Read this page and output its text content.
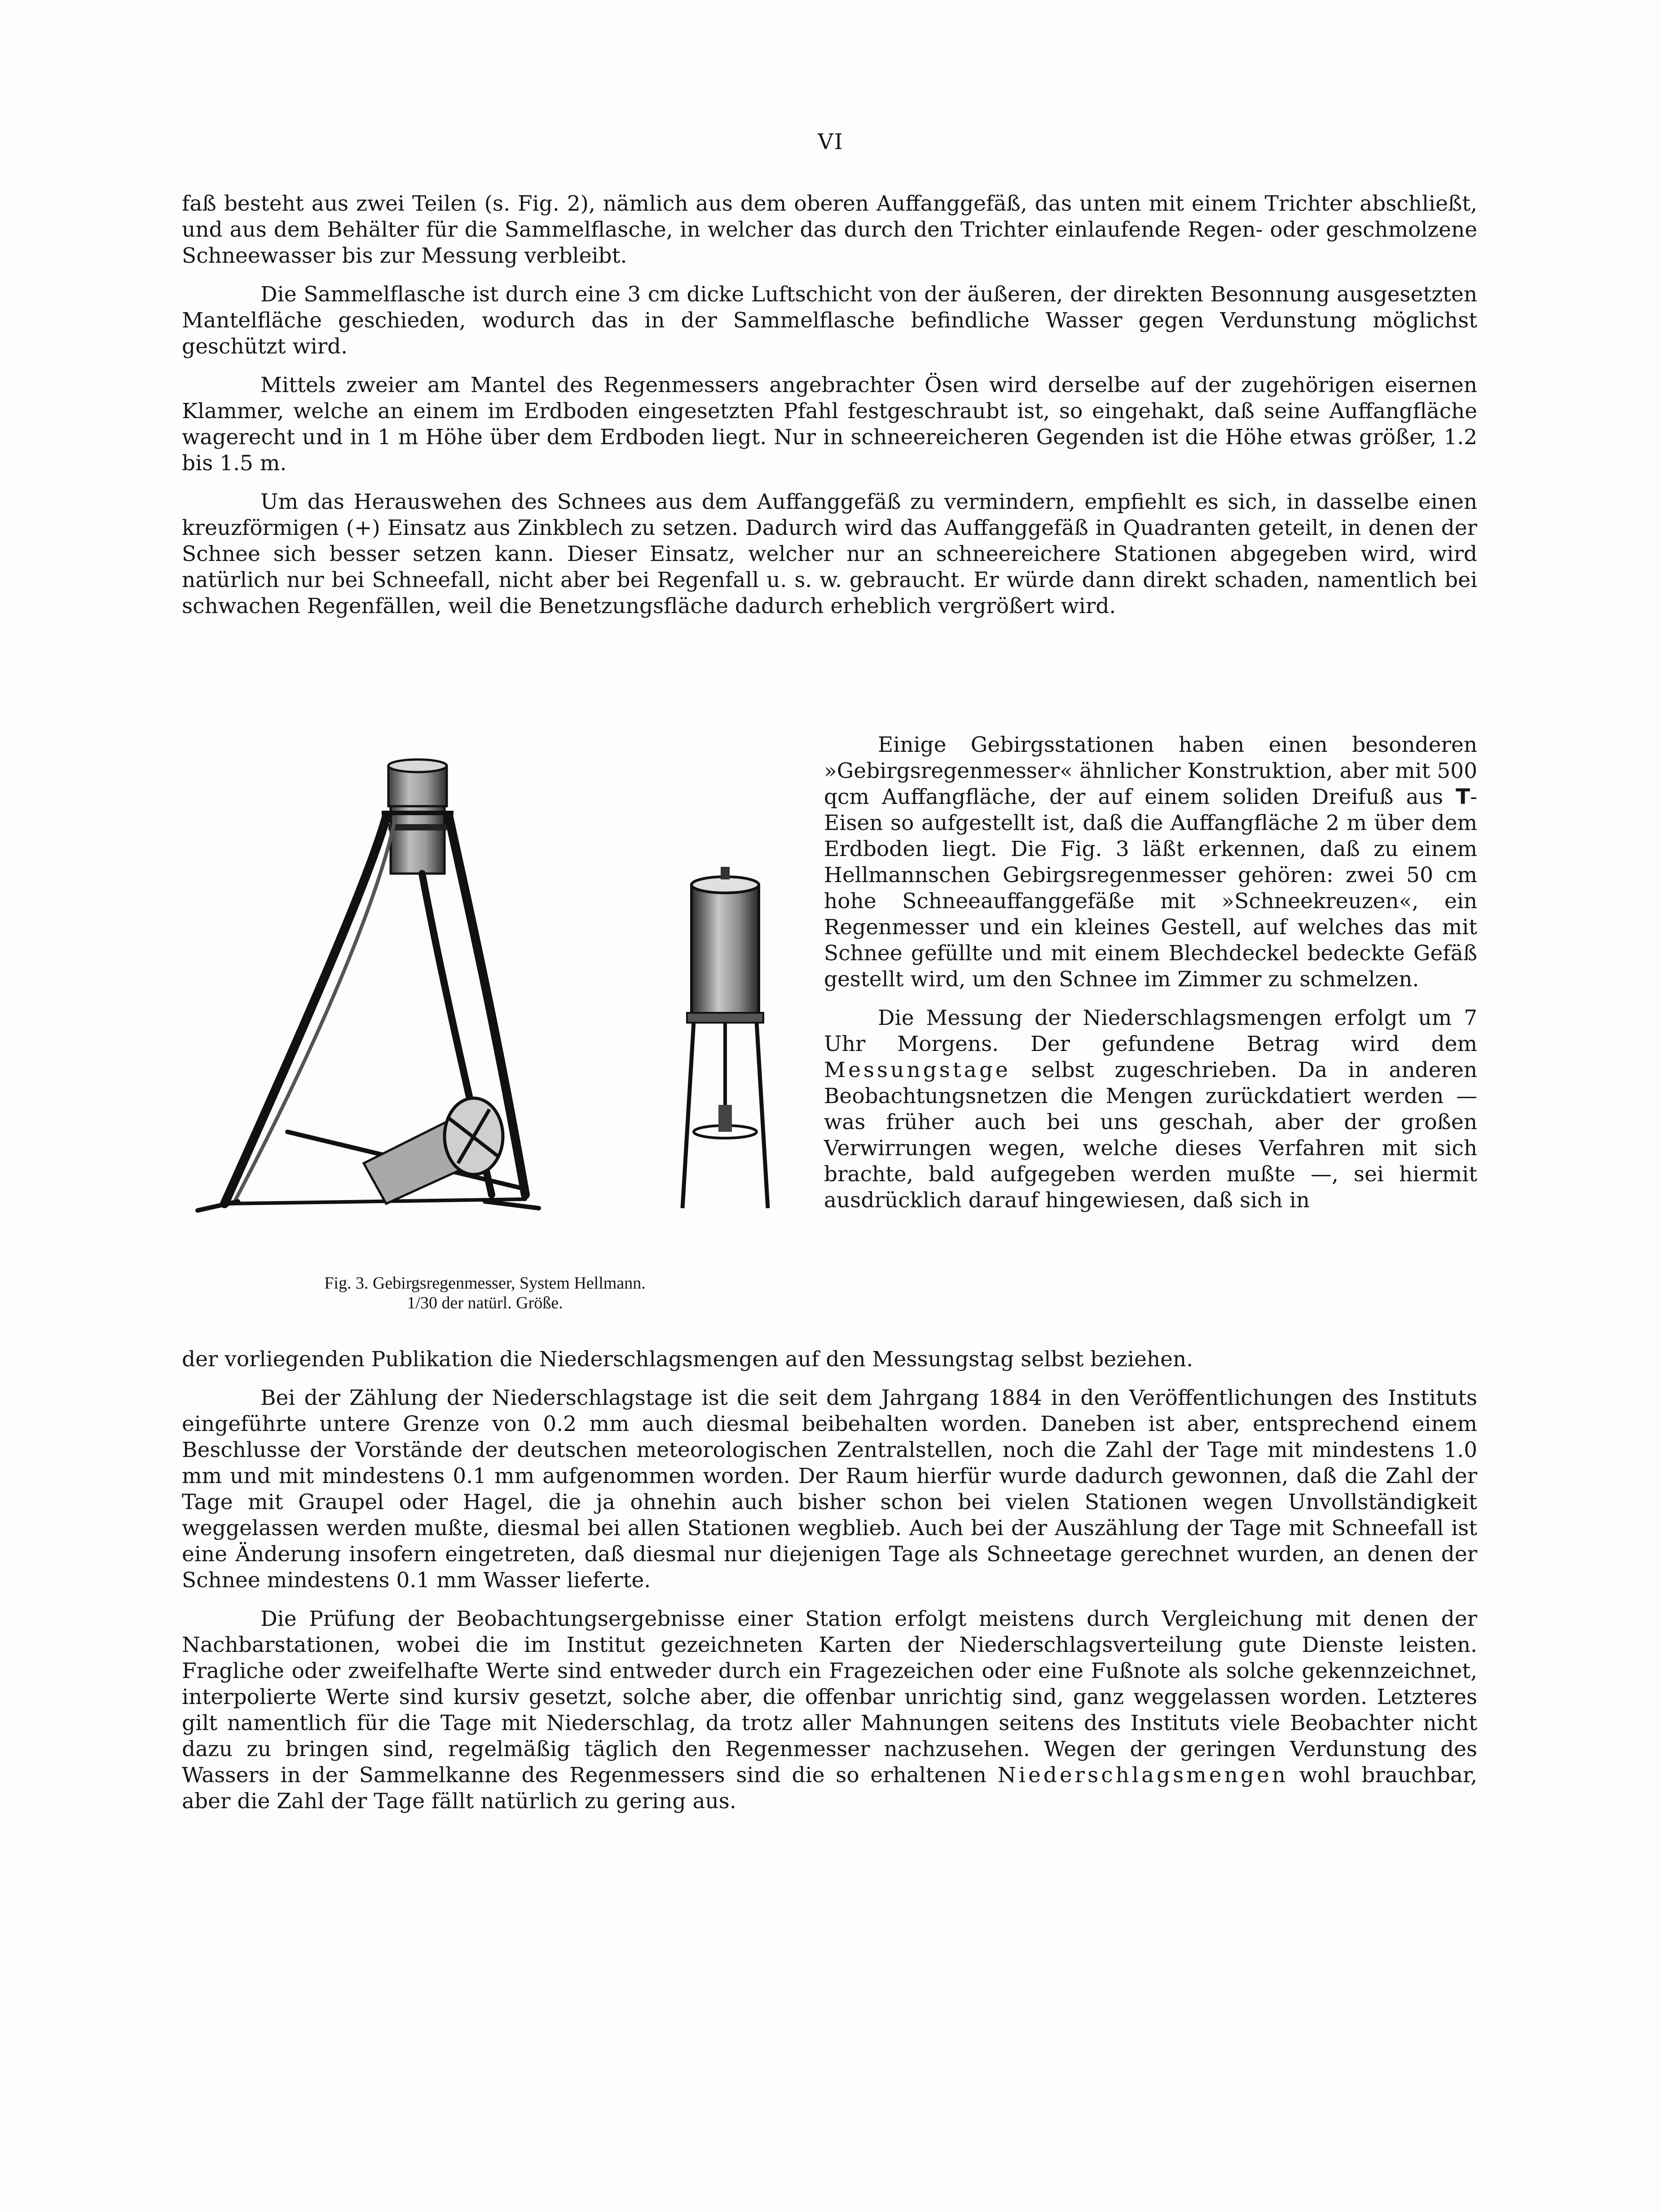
VI

faß besteht aus zwei Teilen (s. Fig. 2), nämlich aus dem oberen Auffanggefäß, das unten mit einem Trichter abschließt, und aus dem Behälter für die Sammelflasche, in welcher das durch den Trichter einlaufende Regen- oder geschmolzene Schneewasser bis zur Messung verbleibt.

Die Sammelflasche ist durch eine 3 cm dicke Luftschicht von der äußeren, der direkten Besonnung ausgesetzten Mantelfläche geschieden, wodurch das in der Sammelflasche befindliche Wasser gegen Verdunstung möglichst geschützt wird.

Mittels zweier am Mantel des Regenmessers angebrachter Ösen wird derselbe auf der zugehörigen eisernen Klammer, welche an einem im Erdboden eingesetzten Pfahl festgeschraubt ist, so eingehakt, daß seine Auffangfläche wagerecht und in 1 m Höhe über dem Erdboden liegt. Nur in schneereicheren Gegenden ist die Höhe etwas größer, 1.2 bis 1.5 m.

Um das Herauswehen des Schnees aus dem Auffanggefäß zu vermindern, empfiehlt es sich, in dasselbe einen kreuzförmigen (+) Einsatz aus Zinkblech zu setzen. Dadurch wird das Auffanggefäß in Quadranten geteilt, in denen der Schnee sich besser setzen kann. Dieser Einsatz, welcher nur an schneereichere Stationen abgegeben wird, wird natürlich nur bei Schneefall, nicht aber bei Regenfall u. s. w. gebraucht. Er würde dann direkt schaden, namentlich bei schwachen Regenfällen, weil die Benetzungsfläche dadurch erheblich vergrößert wird.

Fig. 3. Gebirgsregenmesser, System Hellmann.
1/30 der natürl. Größe.

Einige Gebirgsstationen haben einen besonderen »Gebirgsregenmesser« ähnlicher Konstruktion, aber mit 500 qcm Auffangfläche, der auf einem soliden Dreifuß aus T-Eisen so aufgestellt ist, daß die Auffangfläche 2 m über dem Erdboden liegt. Die Fig. 3 läßt erkennen, daß zu einem Hellmannschen Gebirgsregenmesser gehören: zwei 50 cm hohe Schneeauffanggefäße mit »Schneekreuzen«, ein Regenmesser und ein kleines Gestell, auf welches das mit Schnee gefüllte und mit einem Blechdeckel bedeckte Gefäß gestellt wird, um den Schnee im Zimmer zu schmelzen.

Die Messung der Niederschlagsmengen erfolgt um 7 Uhr Morgens. Der gefundene Betrag wird dem Messungstage selbst zugeschrieben. Da in anderen Beobachtungsnetzen die Mengen zurückdatiert werden — was früher auch bei uns geschah, aber der großen Verwirrungen wegen, welche dieses Verfahren mit sich brachte, bald aufgegeben werden mußte —, sei hiermit ausdrücklich darauf hingewiesen, daß sich in

der vorliegenden Publikation die Niederschlagsmengen auf den Messungstag selbst beziehen.

Bei der Zählung der Niederschlagstage ist die seit dem Jahrgang 1884 in den Veröffentlichungen des Instituts eingeführte untere Grenze von 0.2 mm auch diesmal beibehalten worden. Daneben ist aber, entsprechend einem Beschlusse der Vorstände der deutschen meteorologischen Zentralstellen, noch die Zahl der Tage mit mindestens 1.0 mm und mit mindestens 0.1 mm aufgenommen worden. Der Raum hierfür wurde dadurch gewonnen, daß die Zahl der Tage mit Graupel oder Hagel, die ja ohnehin auch bisher schon bei vielen Stationen wegen Unvollständigkeit weggelassen werden mußte, diesmal bei allen Stationen wegblieb. Auch bei der Auszählung der Tage mit Schneefall ist eine Änderung insofern eingetreten, daß diesmal nur diejenigen Tage als Schneetage gerechnet wurden, an denen der Schnee mindestens 0.1 mm Wasser lieferte.

Die Prüfung der Beobachtungsergebnisse einer Station erfolgt meistens durch Vergleichung mit denen der Nachbarstationen, wobei die im Institut gezeichneten Karten der Niederschlagsverteilung gute Dienste leisten. Fragliche oder zweifelhafte Werte sind entweder durch ein Fragezeichen oder eine Fußnote als solche gekennzeichnet, interpolierte Werte sind kursiv gesetzt, solche aber, die offenbar unrichtig sind, ganz weggelassen worden. Letzteres gilt namentlich für die Tage mit Niederschlag, da trotz aller Mahnungen seitens des Instituts viele Beobachter nicht dazu zu bringen sind, regelmäßig täglich den Regenmesser nachzusehen. Wegen der geringen Verdunstung des Wassers in der Sammelkanne des Regenmessers sind die so erhaltenen Niederschlagsmengen wohl brauchbar, aber die Zahl der Tage fällt natürlich zu gering aus.
